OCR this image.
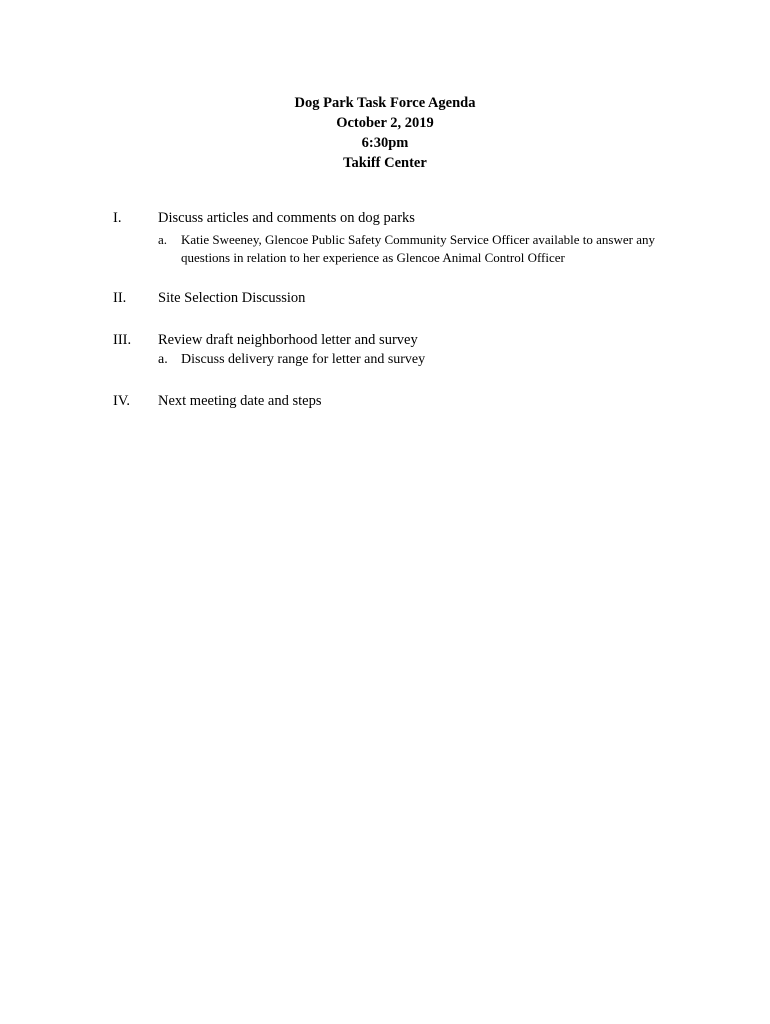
Dog Park Task Force Agenda
October 2, 2019
6:30pm
Takiff Center
I.	Discuss articles and comments on dog parks
a. Katie Sweeney, Glencoe Public Safety Community Service Officer available to answer any questions in relation to her experience as Glencoe Animal Control Officer
II. Site Selection Discussion
III. Review draft neighborhood letter and survey
a. Discuss delivery range for letter and survey
IV. Next meeting date and steps
